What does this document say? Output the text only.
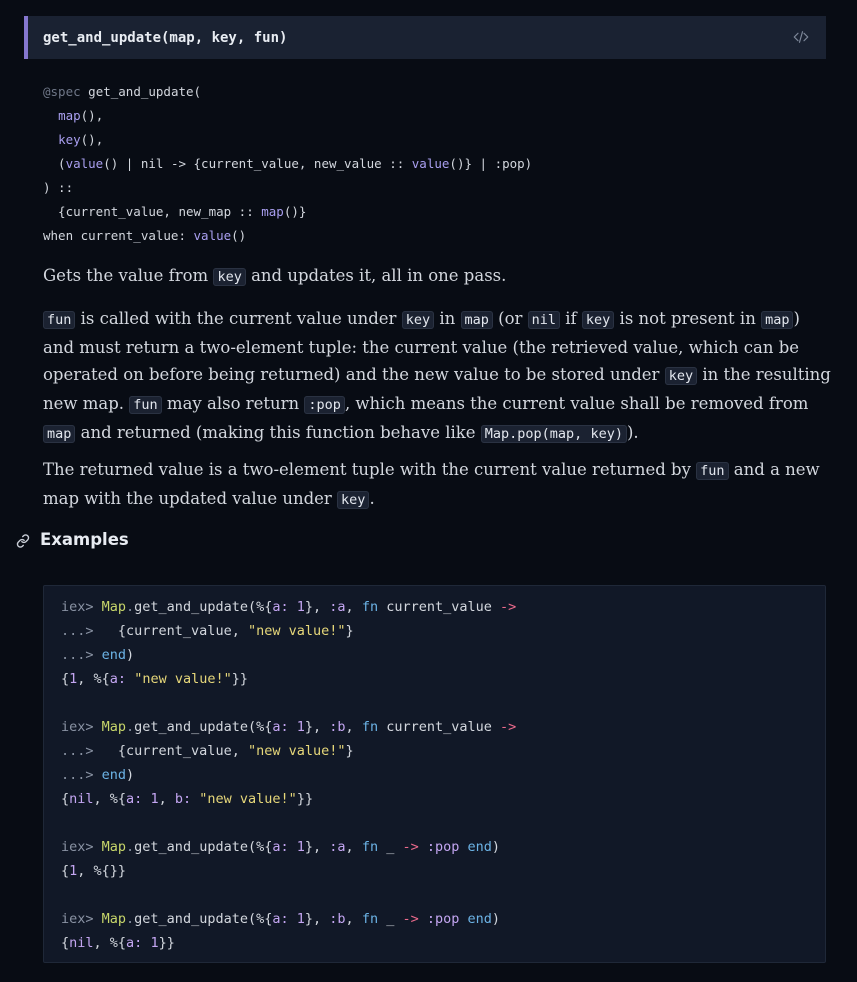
get_and_update(map, key, fun)
@spec get_and_update(
map(),
key(),
(value() | nil -> {current_value, new_value :: value()} | :pop)
) ::
{current_value, new_map :: map()}
when current_value: value()
Gets the value from key and updates it, all in one pass.
fun is called with the current value under key in map (or nil if key is not present in map ) and must return a two-element tuple: the current value (the retrieved value, which can be operated on before being returned) and the new value to be stored under key in the resulting new map. fun may also return :pop , which means the current value shall be removed from map and returned (making this function behave like Map.pop(map, key) ).
The returned value is a two-element tuple with the current value returned by fun and a new map with the updated value under key .
Examples
iex> Map.get_and_update(%{a: 1}, :a, fn current_value ->
...>   {current_value, "new value!"}
...> end)
{1, %{a: "new value!"}}

iex> Map.get_and_update(%{a: 1}, :b, fn current_value ->
...>   {current_value, "new value!"}
...> end)
{nil, %{a: 1, b: "new value!"}}

iex> Map.get_and_update(%{a: 1}, :a, fn _ -> :pop end)
{1, %{}}

iex> Map.get_and_update(%{a: 1}, :b, fn _ -> :pop end)
{nil, %{a: 1}}
